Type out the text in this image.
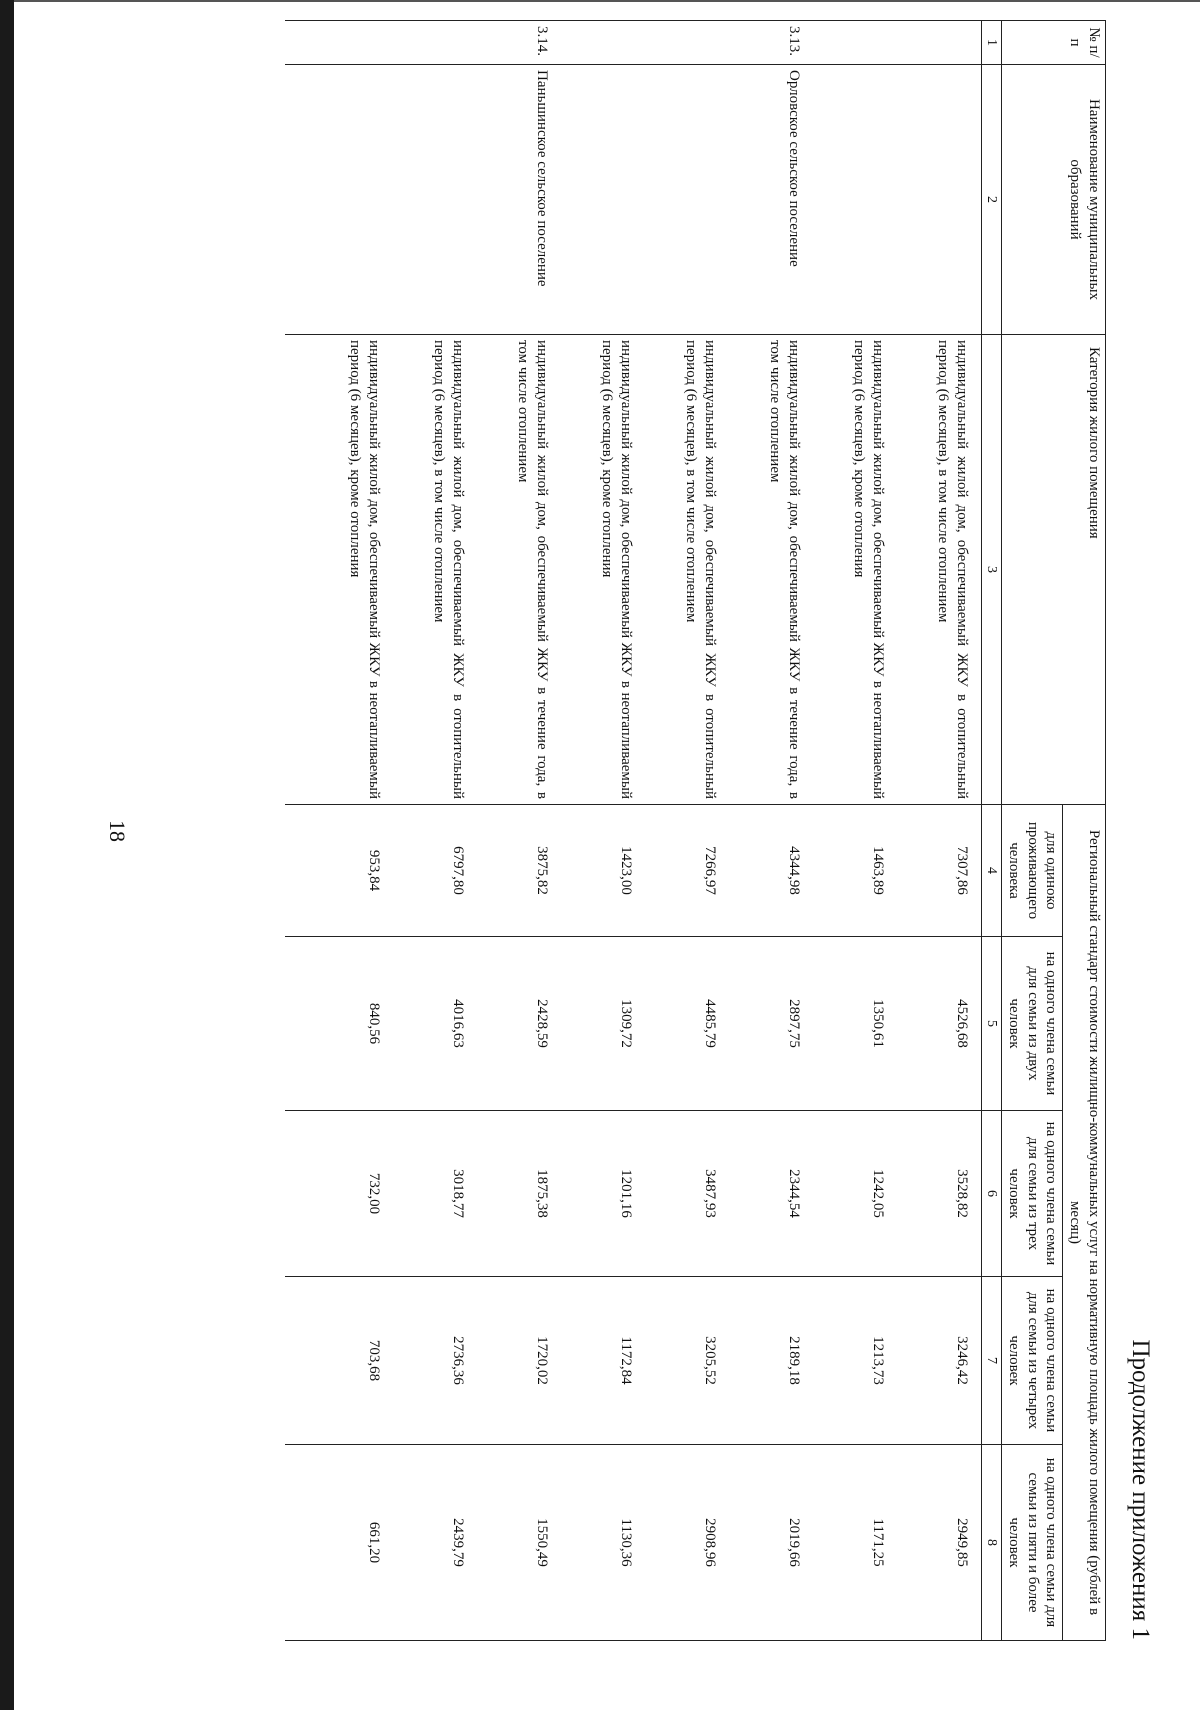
18
Продолжение приложения 1
№ п/п	Наименование муниципальных образований	Категория жилого помещения	Региональный стандарт стоимости жилищно-коммунальных услуг на нормативную площадь жилого помещения (рублей в месяц)				
			для одиноко проживающего человека	на одного члена семьи для семьи из двух человек	на одного члена семьи для семьи из трех человек	на одного члена семьи для семьи из четырех человек	на одного члена семьи для семьи из пяти и более человек
1	2	3	4	5	6	7	8
		индивидуальный жилой дом, обеспечиваемый ЖКУ в отопительный период (6 месяцев), в том числе отоплением	7307,86	4526,68	3528,82	3246,42	2949,85
		индивидуальный жилой дом, обеспечиваемый ЖКУ в неотапливаемый период (6 месяцев), кроме отопления	1463,89	1350,61	1242,05	1213,73	1171,25
3.13.	Орловское сельское поселение	индивидуальный жилой дом, обеспечиваемый ЖКУ в течение года, в том числе отоплением	4344,98	2897,75	2344,54	2189,18	2019,66
		индивидуальный жилой дом, обеспечиваемый ЖКУ в отопительный период (6 месяцев), в том числе отоплением	7266,97	4485,79	3487,93	3205,52	2908,96
		индивидуальный жилой дом, обеспечиваемый ЖКУ в неотапливаемый период (6 месяцев), кроме отопления	1423,00	1309,72	1201,16	1172,84	1130,36
3.14.	Паньшинское сельское поселение	индивидуальный жилой дом, обеспечиваемый ЖКУ в течение года, в том числе отоплением	3875,82	2428,59	1875,38	1720,02	1550,49
		индивидуальный жилой дом, обеспечиваемый ЖКУ в отопительный период (6 месяцев), в том числе отоплением	6797,80	4016,63	3018,77	2736,36	2439,79
		индивидуальный жилой дом, обеспечиваемый ЖКУ в неотапливаемый период (6 месяцев), кроме отопления	953,84	840,56	732,00	703,68	661,20
